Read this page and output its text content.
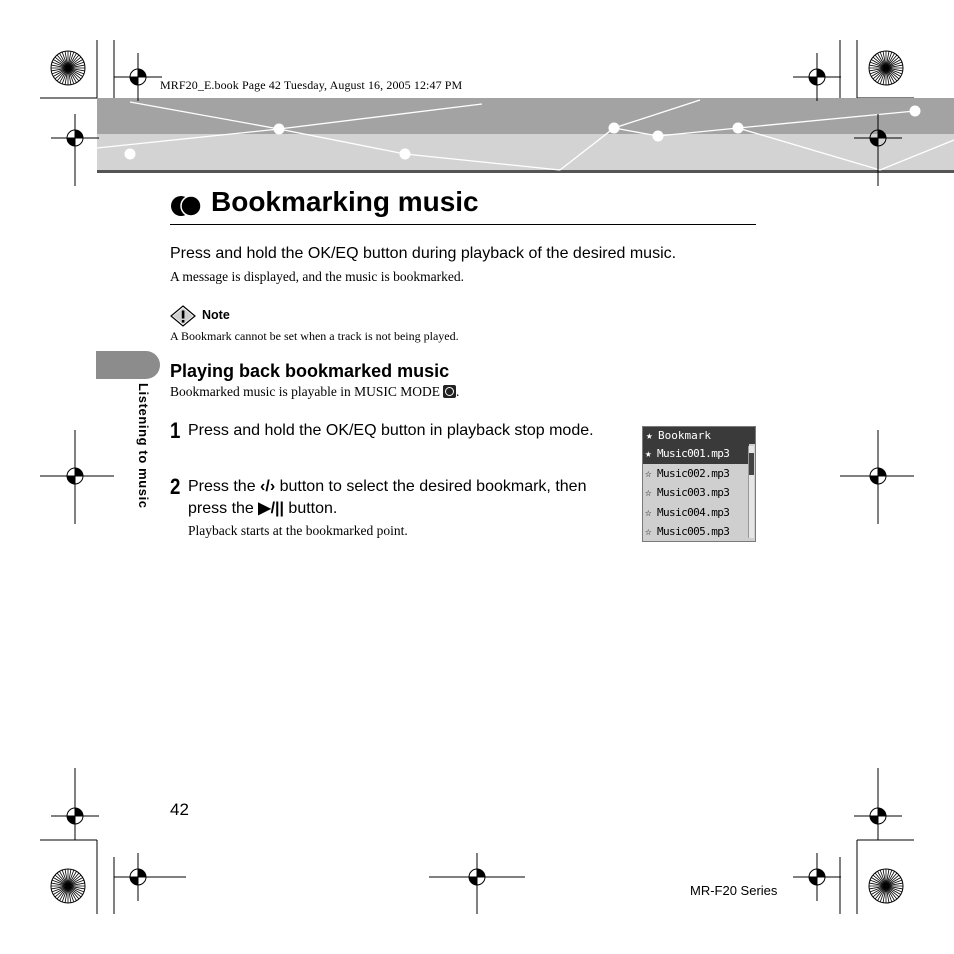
MRF20_E.book Page 42 Tuesday, August 16, 2005 12:47 PM
Bookmarking music
Press and hold the OK/EQ button during playback of the desired music.
A message is displayed, and the music is bookmarked.
Note
A Bookmark cannot be set when a track is not being played.
Listening to music
Playing back bookmarked music
Bookmarked music is playable in MUSIC MODE .
1 Press and hold the OK/EQ button in playback stop mode.
2 Press the ‹/› button to select the desired bookmark, then press the ▶/|| button.
Playback starts at the bookmarked point.
★ Bookmark
★ Music001.mp3
☆ Music002.mp3
☆ Music003.mp3
☆ Music004.mp3
☆ Music005.mp3
42
MR-F20 Series
